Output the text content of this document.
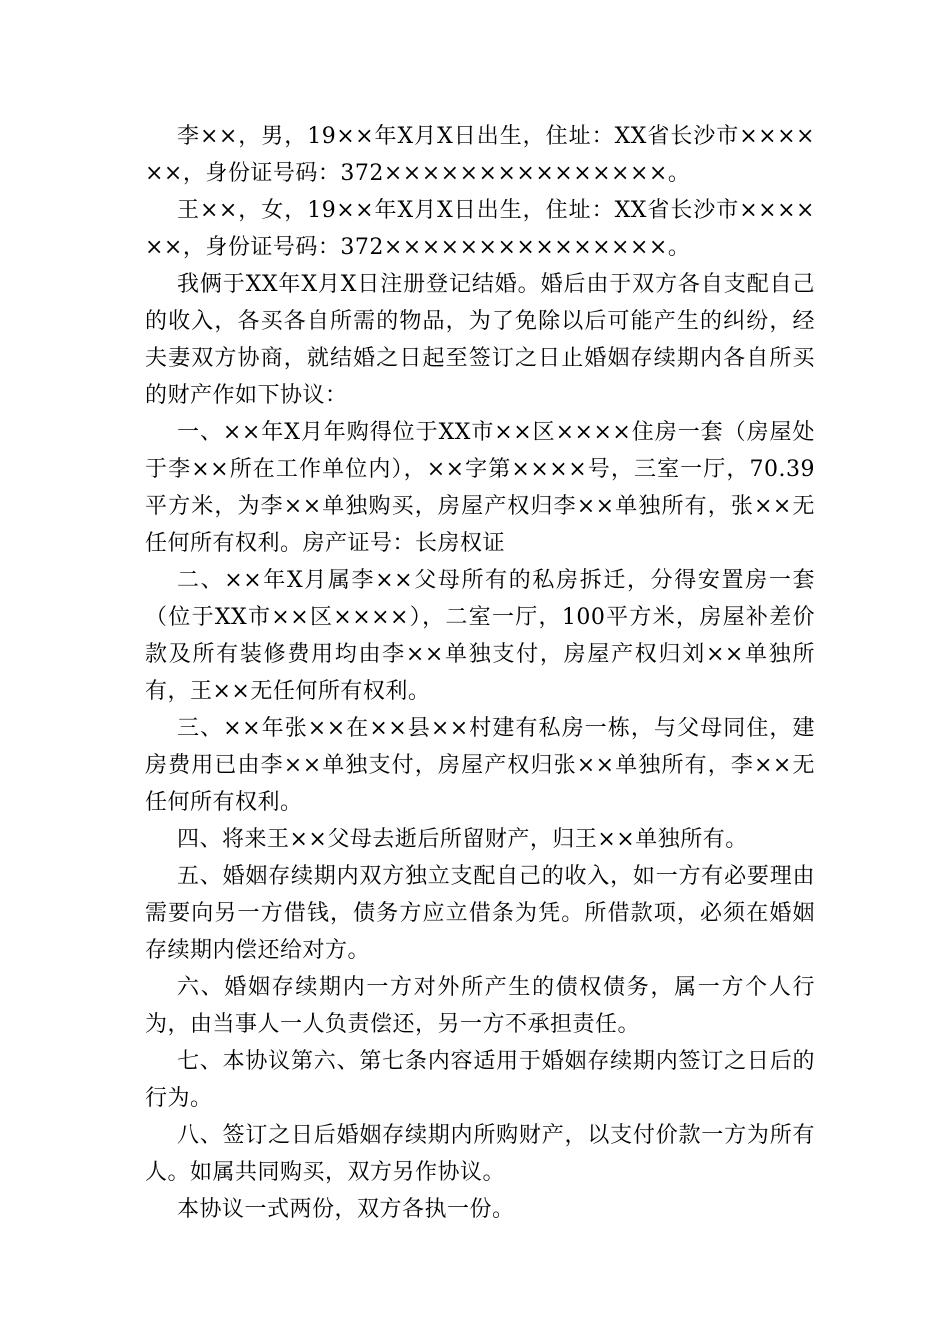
李××，男，19××年X月X日出生，住址：XX省长沙市××××××，身份证号码：372×××××××××××××××。

王××，女，19××年X月X日出生，住址：XX省长沙市××××××，身份证号码：372×××××××××××××××。

我俩于XX年X月X日注册登记结婚。婚后由于双方各自支配自己的收入，各买各自所需的物品，为了免除以后可能产生的纠纷，经夫妻双方协商，就结婚之日起至签订之日止婚姻存续期内各自所买的财产作如下协议：

一、××年X月年购得位于XX市××区××××住房一套（房屋处于李××所在工作单位内），××字第××××号，三室一厅，70.39平方米，为李××单独购买，房屋产权归李××单独所有，张××无任何所有权利。房产证号：长房权证

二、××年X月属李××父母所有的私房拆迁，分得安置房一套（位于XX市××区××××），二室一厅，100平方米，房屋补差价款及所有装修费用均由李××单独支付，房屋产权归刘××单独所有，王××无任何所有权利。

三、××年张××在××县××村建有私房一栋，与父母同住，建房费用已由李××单独支付，房屋产权归张××单独所有，李××无任何所有权利。

四、将来王××父母去逝后所留财产，归王××单独所有。

五、婚姻存续期内双方独立支配自己的收入，如一方有必要理由需要向另一方借钱，债务方应立借条为凭。所借款项，必须在婚姻存续期内偿还给对方。

六、婚姻存续期内一方对外所产生的债权债务，属一方个人行为，由当事人一人负责偿还，另一方不承担责任。

七、本协议第六、第七条内容适用于婚姻存续期内签订之日后的行为。

八、签订之日后婚姻存续期内所购财产，以支付价款一方为所有人。如属共同购买，双方另作协议。

本协议一式两份，双方各执一份。
